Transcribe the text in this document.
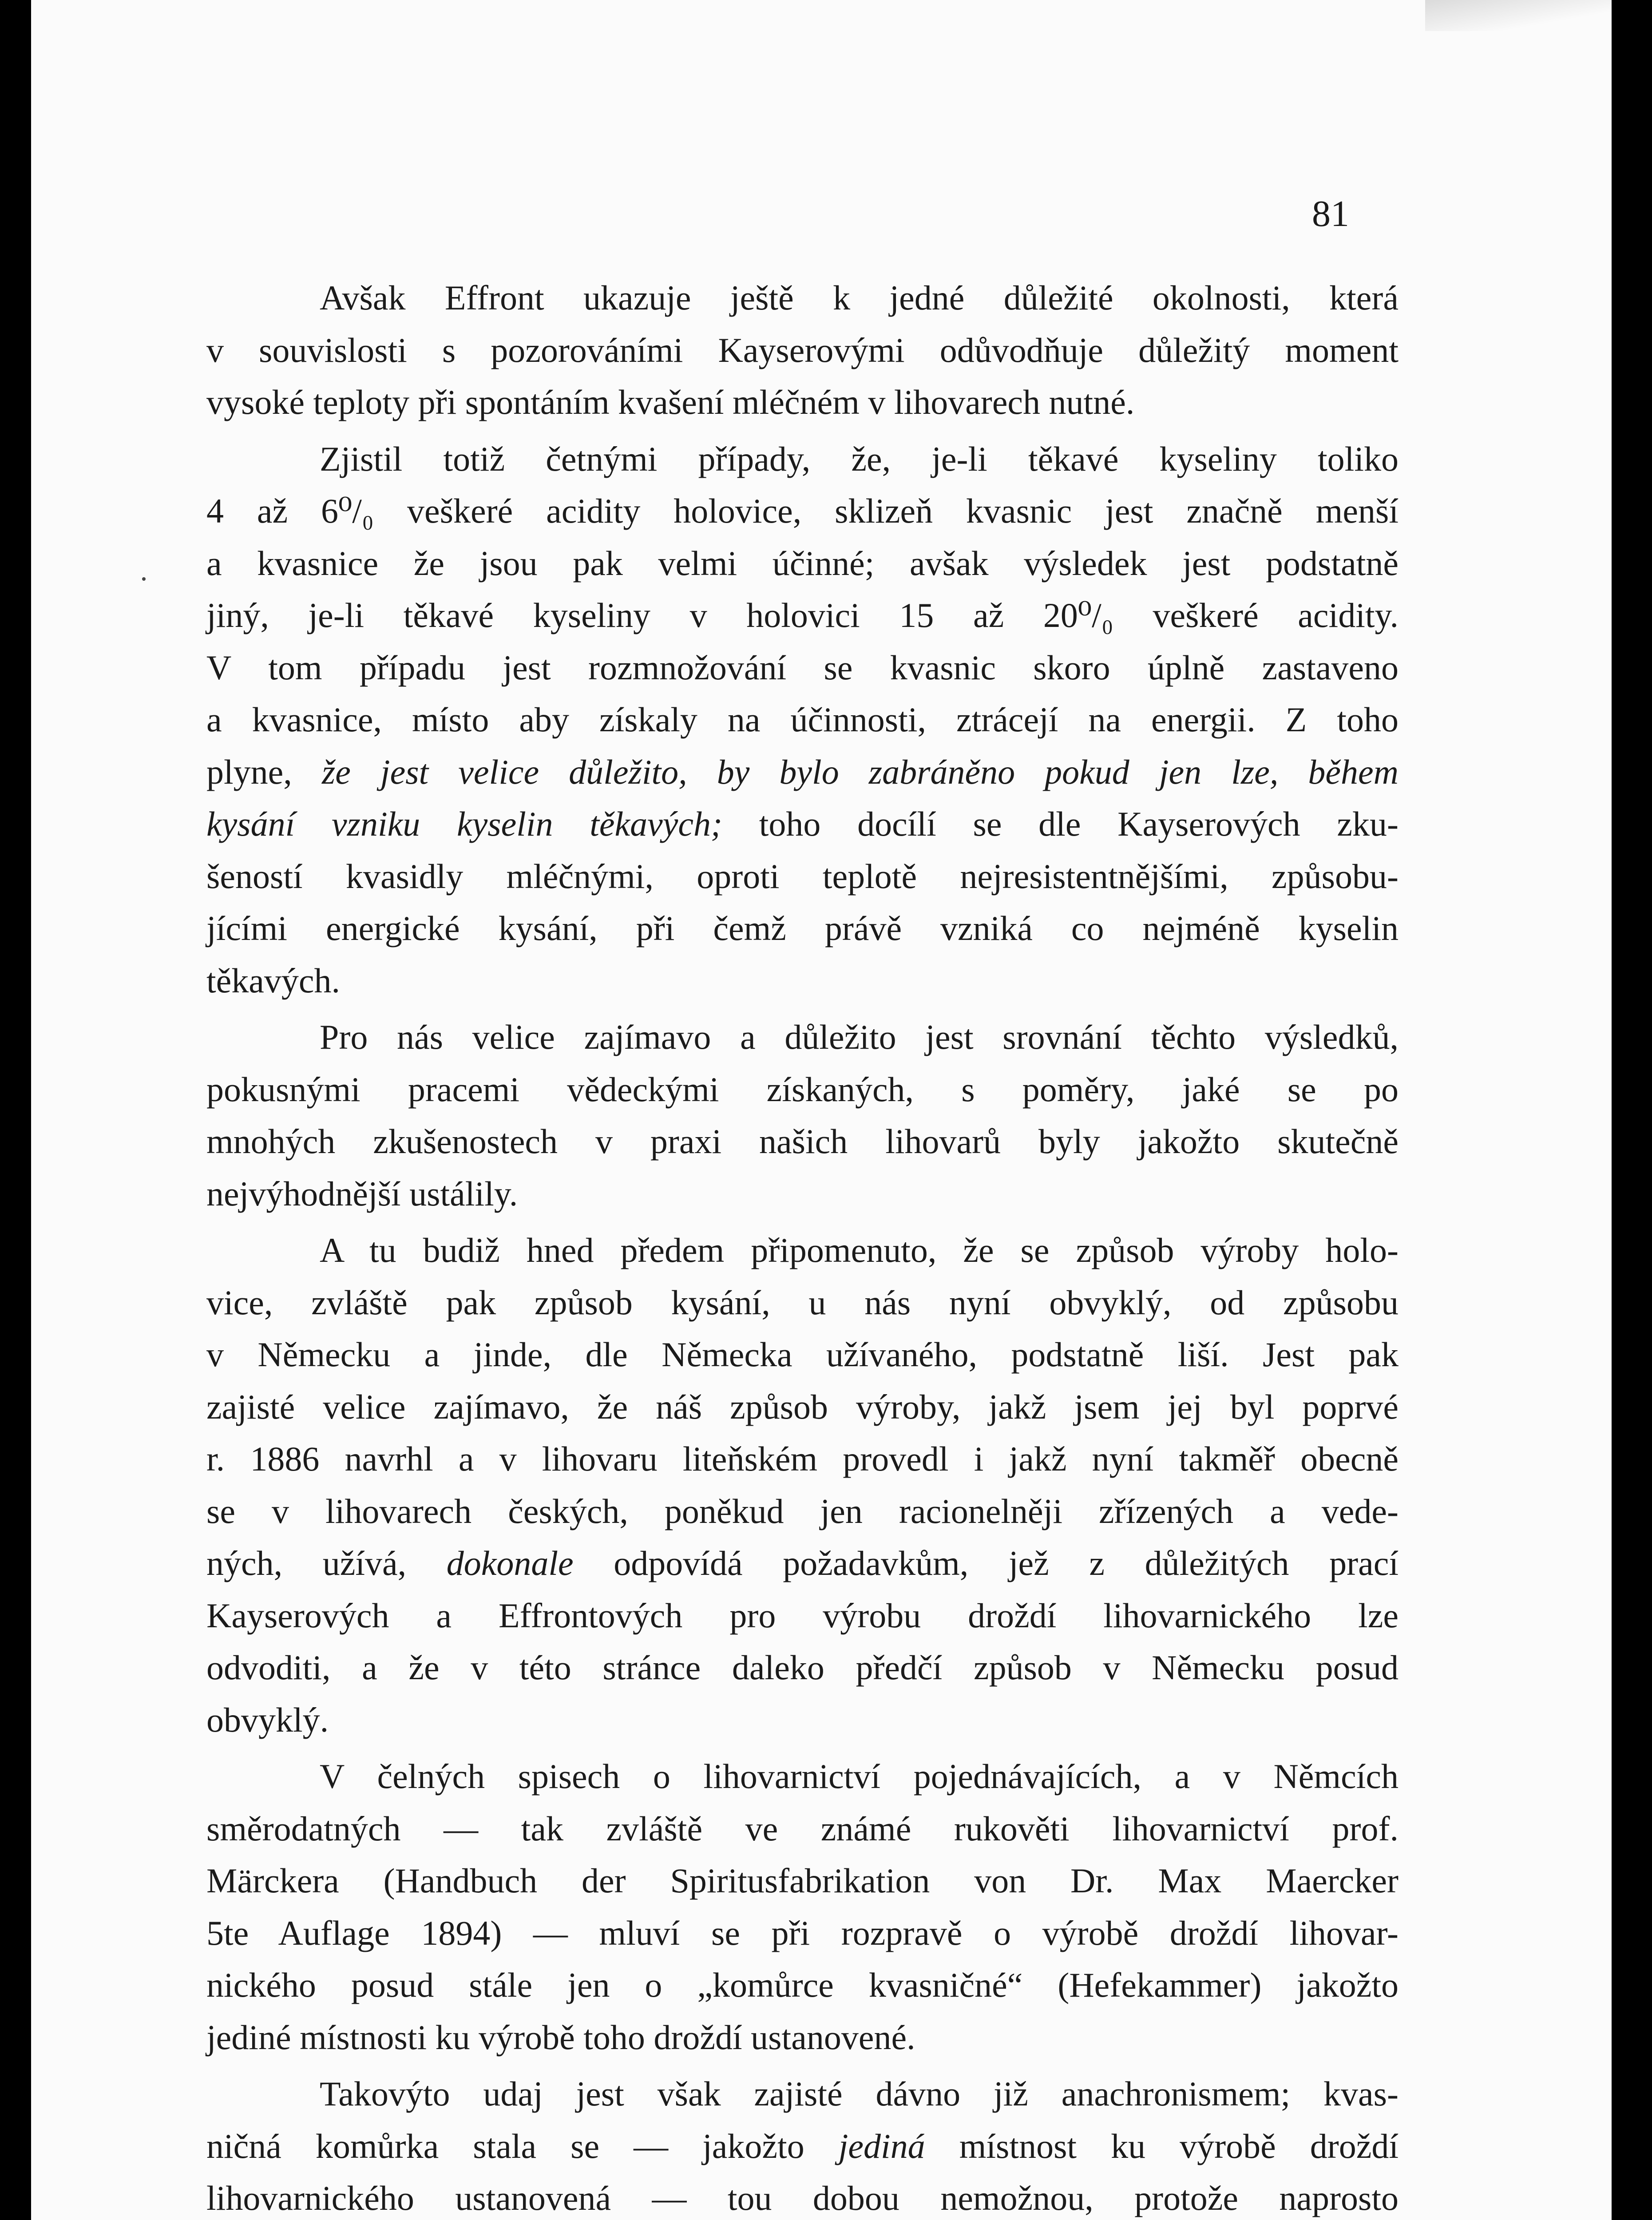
81

Avšak Effront ukazuje ještě k jedné důležité okolnosti, která
v souvislosti s pozorováními Kayserovými odůvodňuje důležitý moment
vysoké teploty při spontáním kvašení mléčném v lihovarech nutné.

Zjistil totiž četnými případy, že, je-li těkavé kyseliny toliko
4 až 6⁰/₀ veškeré acidity holovice, sklizeň kvasnic jest značně menší
a kvasnice že jsou pak velmi účinné; avšak výsledek jest podstatně
jiný, je-li těkavé kyseliny v holovici 15 až 20⁰/₀ veškeré acidity.
V tom případu jest rozmnožování se kvasnic skoro úplně zastaveno
a kvasnice, místo aby získaly na účinnosti, ztrácejí na energii. Z toho
plyne, že jest velice důležito, by bylo zabráněno pokud jen lze, během
kysání vzniku kyselin těkavých; toho docílí se dle Kayserových zku-
šeností kvasidly mléčnými, oproti teplotě nejresistentnějšími, způsobu-
jícími energické kysání, při čemž právě vzniká co nejméně kyselin
těkavých.

Pro nás velice zajímavo a důležito jest srovnání těchto výsledků,
pokusnými pracemi vědeckými získaných, s poměry, jaké se po
mnohých zkušenostech v praxi našich lihovarů byly jakožto skutečně
nejvýhodnější ustálily.

A tu budiž hned předem připomenuto, že se způsob výroby holo-
vice, zvláště pak způsob kysání, u nás nyní obvyklý, od způsobu
v Německu a jinde, dle Německa užívaného, podstatně liší. Jest pak
zajisté velice zajímavo, že náš způsob výroby, jakž jsem jej byl poprvé
r. 1886 navrhl a v lihovaru liteňském provedl i jakž nyní takměř obecně
se v lihovarech českých, poněkud jen racionelněji zřízených a vede-
ných, užívá, dokonale odpovídá požadavkům, jež z důležitých prací
Kayserových a Effrontových pro výrobu droždí lihovarnického lze
odvoditi, a že v této stránce daleko předčí způsob v Německu posud
obvyklý.

V čelných spisech o lihovarnictví pojednávajících, a v Němcích
směrodatných — tak zvláště ve známé rukověti lihovarnictví prof.
Märckera (Handbuch der Spiritusfabrikation von Dr. Max Maercker
5te Auflage 1894) — mluví se při rozpravě o výrobě droždí lihovar-
nického posud stále jen o „komůrce kvasničné“ (Hefekammer) jakožto
jediné místnosti ku výrobě toho droždí ustanovené.

Takovýto udaj jest však zajisté dávno již anachronismem; kvas-
ničná komůrka stala se — jakožto jediná místnost ku výrobě droždí
lihovarnického ustanovená — tou dobou nemožnou, protože naprosto
